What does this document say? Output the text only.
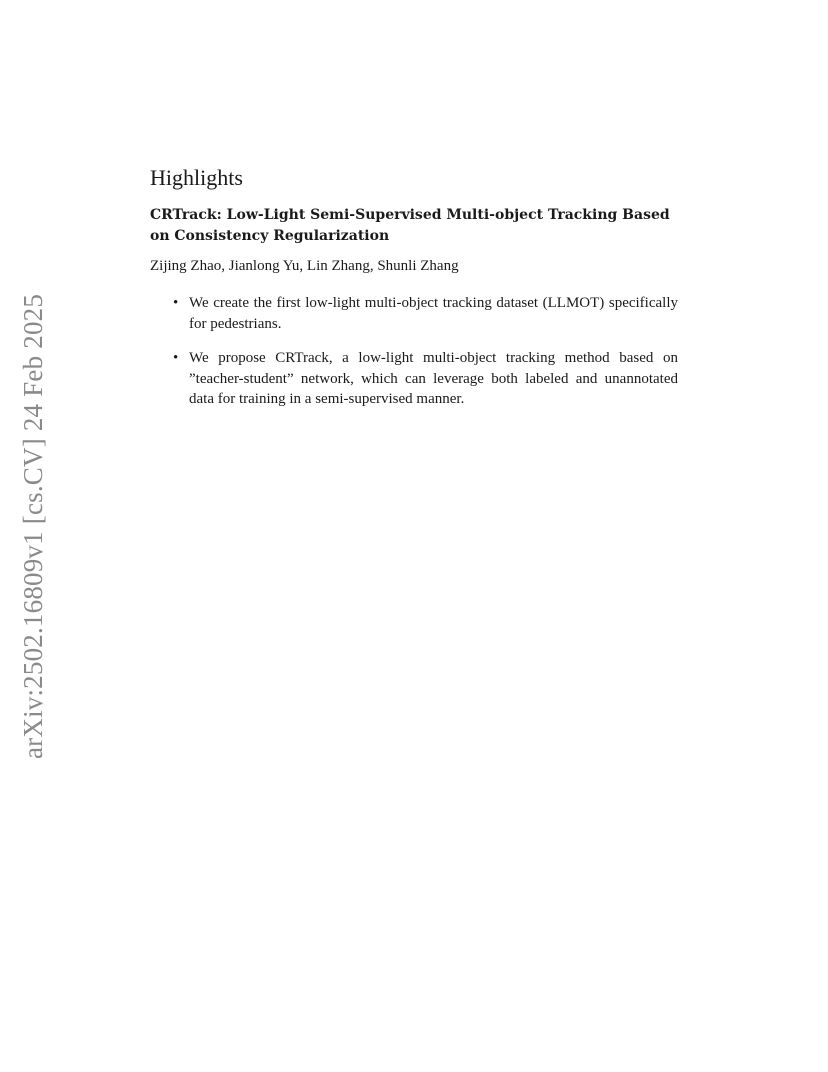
arXiv:2502.16809v1 [cs.CV] 24 Feb 2025
Highlights
CRTrack: Low-Light Semi-Supervised Multi-object Tracking Based on Consistency Regularization
Zijing Zhao, Jianlong Yu, Lin Zhang, Shunli Zhang
• We create the first low-light multi-object tracking dataset (LLMOT) specifically for pedestrians.
• We propose CRTrack, a low-light multi-object tracking method based on ”teacher-student” network, which can leverage both labeled and unannotated data for training in a semi-supervised manner.
